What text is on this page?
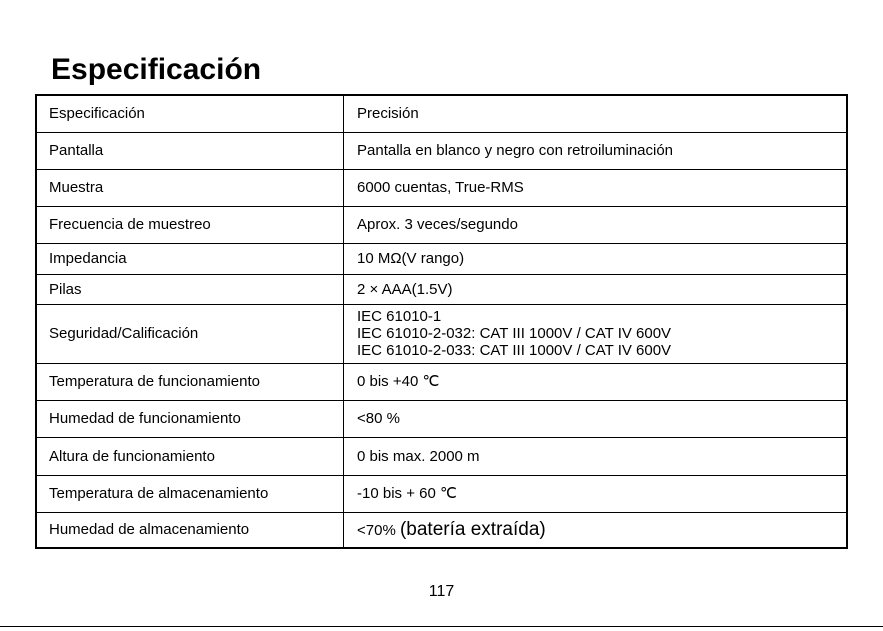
Especificación
Especificación	Precisión
Pantalla	Pantalla en blanco y negro con retroiluminación
Muestra	6000 cuentas, True-RMS
Frecuencia de muestreo	Aprox. 3 veces/segundo
Impedancia	10 MΩ(V rango)
Pilas	2 × AAA(1.5V)
Seguridad/Calificación	IEC 61010-1
IEC 61010-2-032: CAT III 1000V / CAT IV 600V
IEC 61010-2-033: CAT III 1000V / CAT IV 600V

Temperatura de funcionamiento	0 bis +40 ℃
Humedad de funcionamiento	<80 %
Altura de funcionamiento	0 bis max. 2000 m
Temperatura de almacenamiento	-10 bis + 60 ℃
Humedad de almacenamiento	<70% (batería extraída)
117
